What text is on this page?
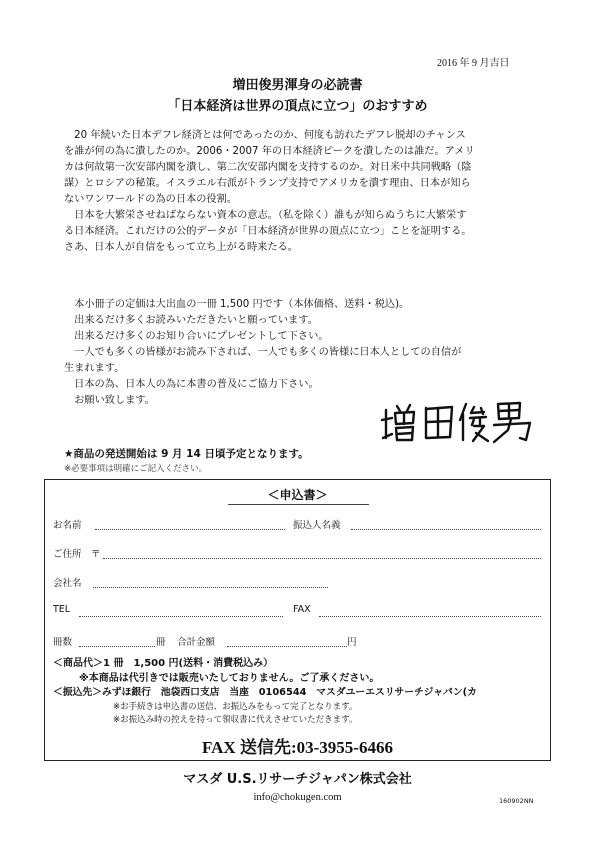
2016 年 9 月吉日
増田俊男渾身の必読書
「日本経済は世界の頂点に立つ」のおすすめ
　20 年続いた日本デフレ経済とは何であったのか、何度も訪れたデフレ脱却のチャンス
を誰が何の為に潰したのか。2006・2007 年の日本経済ピークを潰したのは誰だ。アメリ
カは何故第一次安部内閣を潰し、第二次安部内閣を支持するのか。対日米中共同戦略（陰
謀）とロシアの秘策。イスラエル右派がトランプ支持でアメリカを潰す理由、日本が知ら
ないワンワールドの為の日本の役割。
　日本を大繁栄させねばならない資本の意志。（私を除く）誰もが知らぬうちに大繁栄す
る日本経済。これだけの公的データが「日本経済が世界の頂点に立つ」ことを証明する。
さあ、日本人が自信をもって立ち上がる時来たる。
　本小冊子の定価は大出血の一冊 1,500 円です（本体価格、送料・税込)。
　出来るだけ多くお読みいただきたいと願っています。
　出来るだけ多くのお知り合いにプレゼントして下さい。
　一人でも多くの皆様がお読み下されば、一人でも多くの皆様に日本人としての自信が
生まれます。
　日本の為、日本人の為に本書の普及にご協力下さい。
　お願い致します。
★商品の発送開始は 9 月 14 日頃予定となります。
※必要事項は明確にご記入ください。
＜申込書＞
お名前	振込人名義
ご住所 〒
会社名
TEL	FAX
冊数	冊 合計金額	円
＜商品代＞1 冊　1,500 円(送料・消費税込み）
※本商品は代引きでは販売いたしておりません。ご了承ください。
＜振込先＞みずほ銀行　池袋西口支店　当座　0106544　マスダユーエスリサーチジャパン(カ
※お手続きは申込書の送信、お振込みをもって完了となります。
※お振込み時の控えを持って領収書に代えさせていただきます。
FAX 送信先:03-3955-6466
マスダ U.S.リサーチジャパン株式会社
info@chokugen.com	160902NN
